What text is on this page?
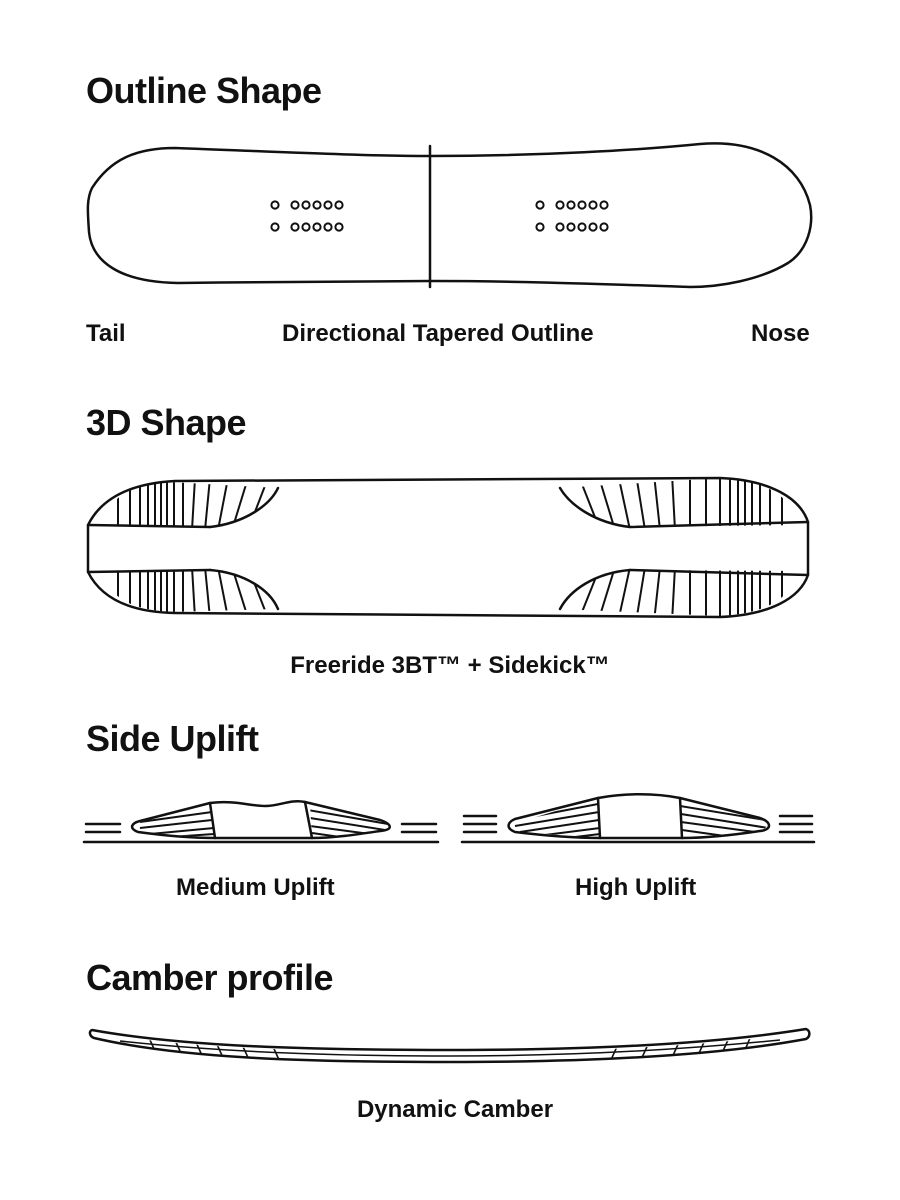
Outline Shape
Tail	Directional Tapered Outline	Nose
3D Shape
Freeride 3BT™ + Sidekick™
Side Uplift
Medium Uplift	High Uplift
Camber profile
Dynamic Camber
